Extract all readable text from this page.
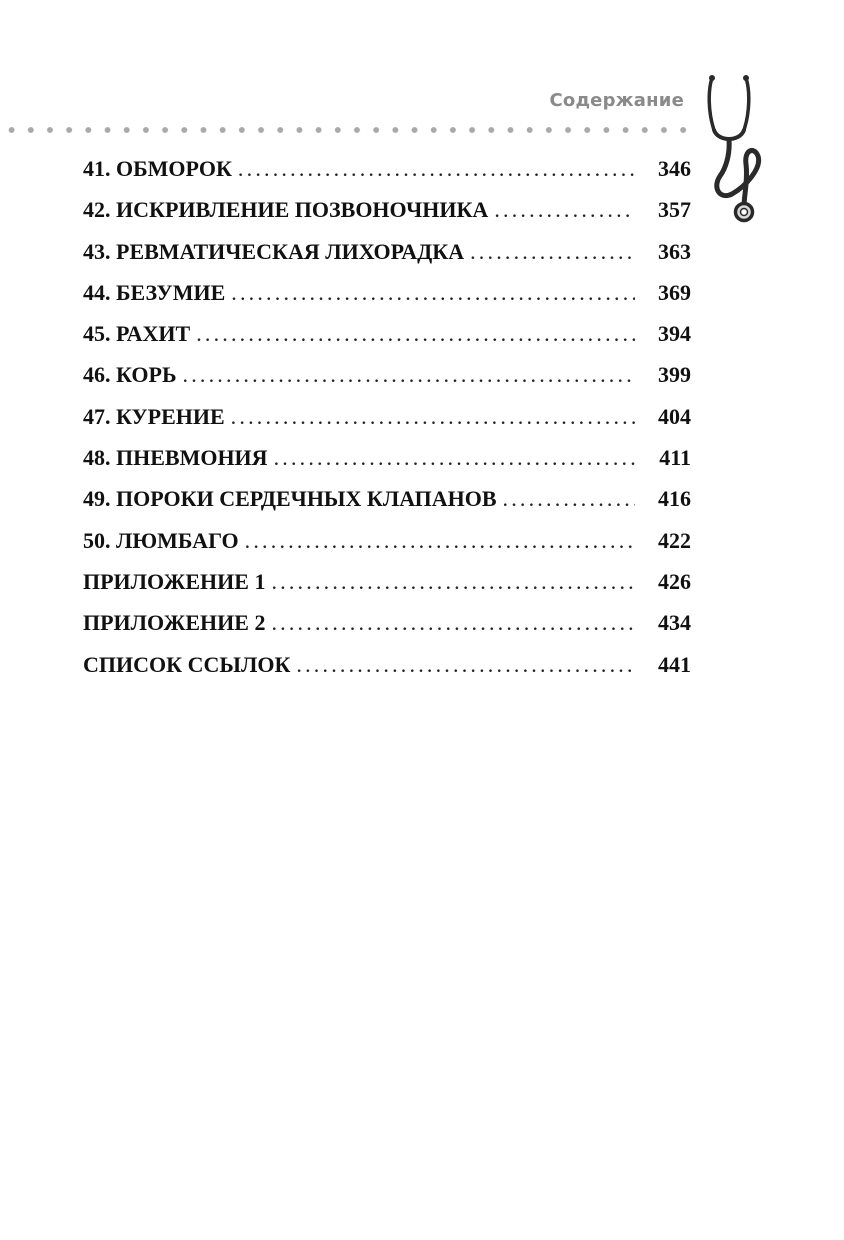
Содержание
41. ОБМОРОК .....	346
42. ИСКРИВЛЕНИЕ ПОЗВОНОЧНИКА .....	357
43. РЕВМАТИЧЕСКАЯ ЛИХОРАДКА .....	363
44. БЕЗУМИЕ .....	369
45. РАХИТ .....	394
46. КОРЬ .....	399
47. КУРЕНИЕ .....	404
48. ПНЕВМОНИЯ .....	411
49. ПОРОКИ СЕРДЕЧНЫХ КЛАПАНОВ .....	416
50. ЛЮМБАГО .....	422
ПРИЛОЖЕНИЕ 1 .....	426
ПРИЛОЖЕНИЕ 2 .....	434
СПИСОК ССЫЛОК .....	441
